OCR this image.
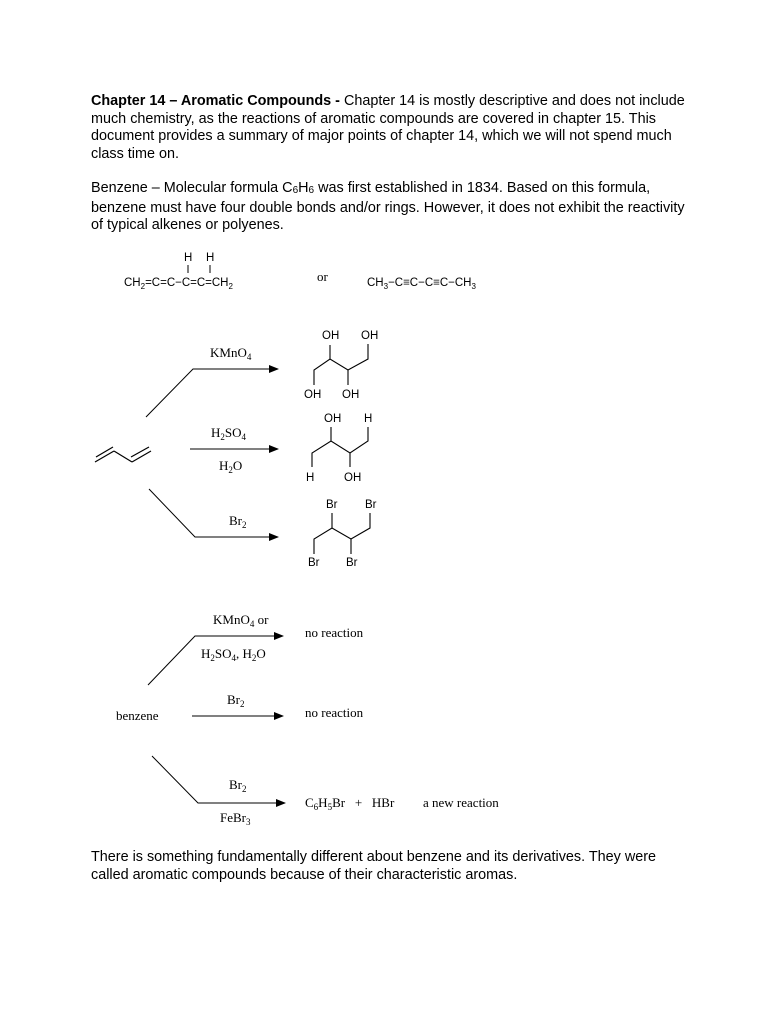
Chapter 14 – Aromatic Compounds - Chapter 14 is mostly descriptive and does not include much chemistry, as the reactions of aromatic compounds are covered in chapter 15. This document provides a summary of major points of chapter 14, which we will not spend much class time on.

Benzene – Molecular formula $C_6H_6$ was first established in 1834. Based on this formula, benzene must have four double bonds and/or rings. However, it does not exhibit the reactivity of typical alkenes or polyenes.

H H
$CH_2=C=C-C=C=CH_2$
or	$CH_3-C\equiv C-C\equiv C-CH_3$
KMnO$_4$
$H_2SO_4$
$H_2O$
$Br_2$
OH OH
OH OH
OH H
H	OH
Br Br
Br Br
benzene
KMnO$_4$ or
$H_2SO_4$, $H_2O$
no reaction
$Br_2$
no reaction
$Br_2$
FeBr$_3$
$C_6H_5Br$   +   HBr a new reaction

There is something fundamentally different about benzene and its derivatives. They were called aromatic compounds because of their characteristic aromas.
